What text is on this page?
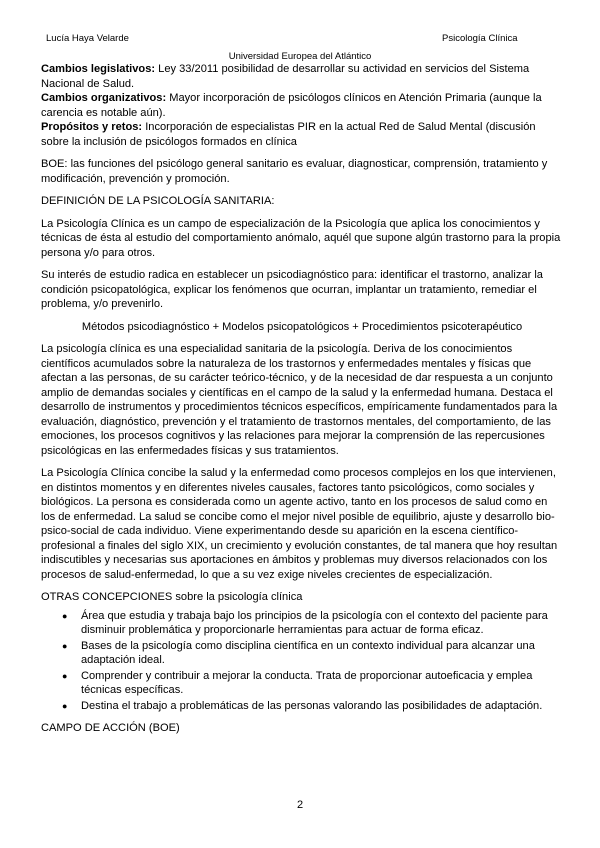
Lucía Haya Velarde	Psicología Clínica
Universidad Europea del Atlántico

Cambios legislativos: Ley 33/2011 posibilidad de desarrollar su actividad en servicios del Sistema Nacional de Salud.

Cambios organizativos: Mayor incorporación de psicólogos clínicos en Atención Primaria (aunque la carencia es notable aún).

Propósitos y retos: Incorporación de especialistas PIR en la actual Red de Salud Mental (discusión sobre la inclusión de psicólogos formados en clínica

BOE: las funciones del psicólogo general sanitario es evaluar, diagnosticar, comprensión, tratamiento y modificación, prevención y promoción.

DEFINICIÓN DE LA PSICOLOGÍA SANITARIA:

La Psicología Clínica es un campo de especialización de la Psicología que aplica los conocimientos y técnicas de ésta al estudio del comportamiento anómalo, aquél que supone algún trastorno para la propia persona y/o para otros.

Su interés de estudio radica en establecer un psicodiagnóstico para: identificar el trastorno, analizar la condición psicopatológica, explicar los fenómenos que ocurran, implantar un tratamiento, remediar el problema, y/o prevenirlo.

Métodos psicodiagnóstico + Modelos psicopatológicos + Procedimientos psicoterapéutico

La psicología clínica es una especialidad sanitaria de la psicología. Deriva de los conocimientos científicos acumulados sobre la naturaleza de los trastornos y enfermedades mentales y físicas que afectan a las personas, de su carácter teórico-técnico, y de la necesidad de dar respuesta a un conjunto amplio de demandas sociales y científicas en el campo de la salud y la enfermedad humana. Destaca el desarrollo de instrumentos y procedimientos técnicos específicos, empíricamente fundamentados para la evaluación, diagnóstico, prevención y el tratamiento de trastornos mentales, del comportamiento, de las emociones, los procesos cognitivos y las relaciones para mejorar la comprensión de las repercusiones psicológicas en las enfermedades físicas y sus tratamientos.

La Psicología Clínica concibe la salud y la enfermedad como procesos complejos en los que intervienen, en distintos momentos y en diferentes niveles causales, factores tanto psicológicos, como sociales y biológicos. La persona es considerada como un agente activo, tanto en los procesos de salud como en los de enfermedad. La salud se concibe como el mejor nivel posible de equilibrio, ajuste y desarrollo bio-psico-social de cada individuo. Viene experimentando desde su aparición en la escena científico-profesional a finales del siglo XIX, un crecimiento y evolución constantes, de tal manera que hoy resultan indiscutibles y necesarias sus aportaciones en ámbitos y problemas muy diversos relacionados con los procesos de salud-enfermedad, lo que a su vez exige niveles crecientes de especialización.

OTRAS CONCEPCIONES sobre la psicología clínica

● Área que estudia y trabaja bajo los principios de la psicología con el contexto del paciente para disminuir problemática y proporcionarle herramientas para actuar de forma eficaz.
● Bases de la psicología como disciplina científica en un contexto individual para alcanzar una adaptación ideal.
● Comprender y contribuir a mejorar la conducta. Trata de proporcionar autoeficacia y emplea técnicas específicas.
● Destina el trabajo a problemáticas de las personas valorando las posibilidades de adaptación.

CAMPO DE ACCIÓN (BOE)

2
